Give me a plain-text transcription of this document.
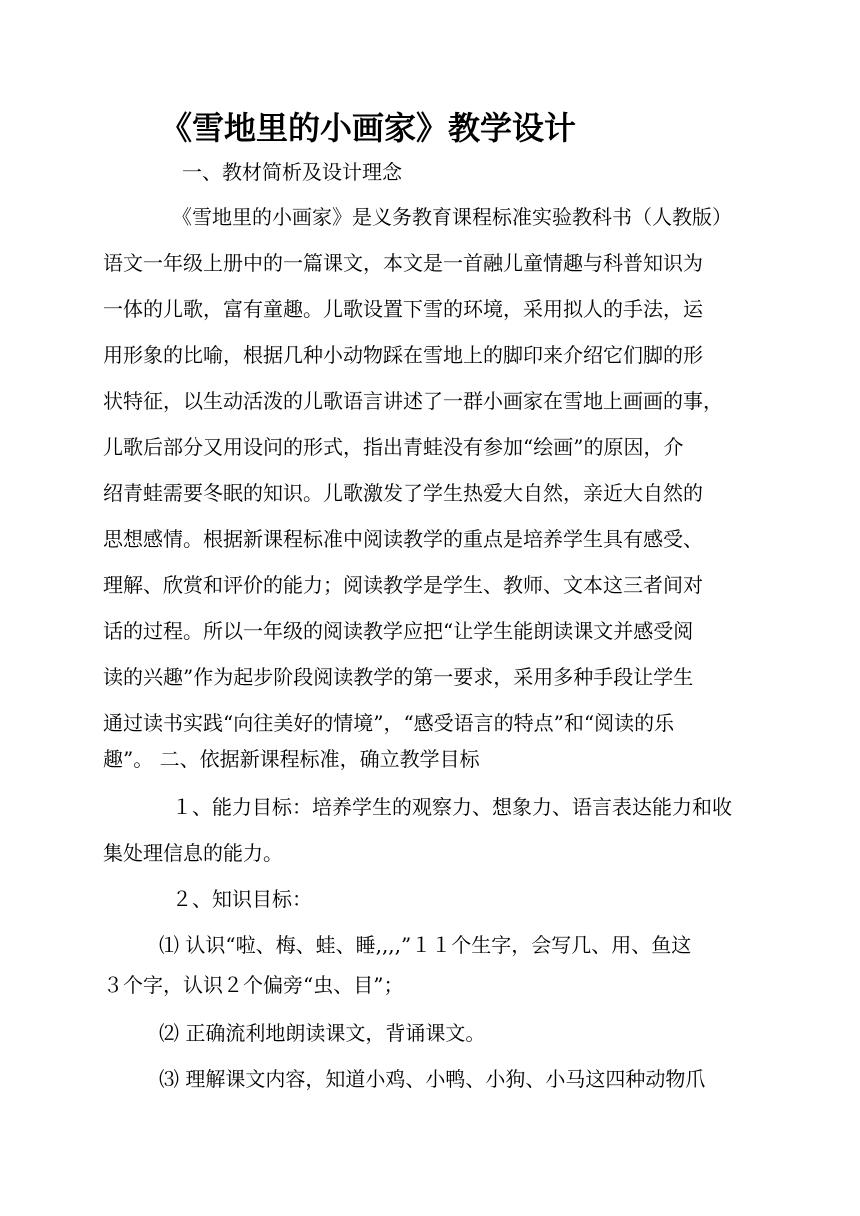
《雪地里的小画家》教学设计
一、教材简析及设计理念
《雪地里的小画家》是义务教育课程标准实验教科书（人教版）
语文一年级上册中的一篇课文，本文是一首融儿童情趣与科普知识为
一体的儿歌，富有童趣。儿歌设置下雪的环境，采用拟人的手法，运
用形象的比喻，根据几种小动物踩在雪地上的脚印来介绍它们脚的形
状特征，以生动活泼的儿歌语言讲述了一群小画家在雪地上画画的事，
儿歌后部分又用设问的形式，指出青蛙没有参加“绘画”的原因，介
绍青蛙需要冬眠的知识。儿歌激发了学生热爱大自然，亲近大自然的
思想感情。根据新课程标准中阅读教学的重点是培养学生具有感受、
理解、欣赏和评价的能力；阅读教学是学生、教师、文本这三者间对
话的过程。所以一年级的阅读教学应把“让学生能朗读课文并感受阅
读的兴趣”作为起步阶段阅读教学的第一要求，采用多种手段让学生
通过读书实践“向往美好的情境”，“感受语言的特点”和“阅读的乐
趣”。 二、依据新课程标准，确立教学目标
１、能力目标：培养学生的观察力、想象力、语言表达能力和收
集处理信息的能力。
２、知识目标：
⑴ 认识“啦、梅、蛙、睡,,,,”１１个生字，会写几、用、鱼这
３个字，认识２个偏旁“虫、目”；
⑵ 正确流利地朗读课文，背诵课文。
⑶ 理解课文内容，知道小鸡、小鸭、小狗、小马这四种动物爪
